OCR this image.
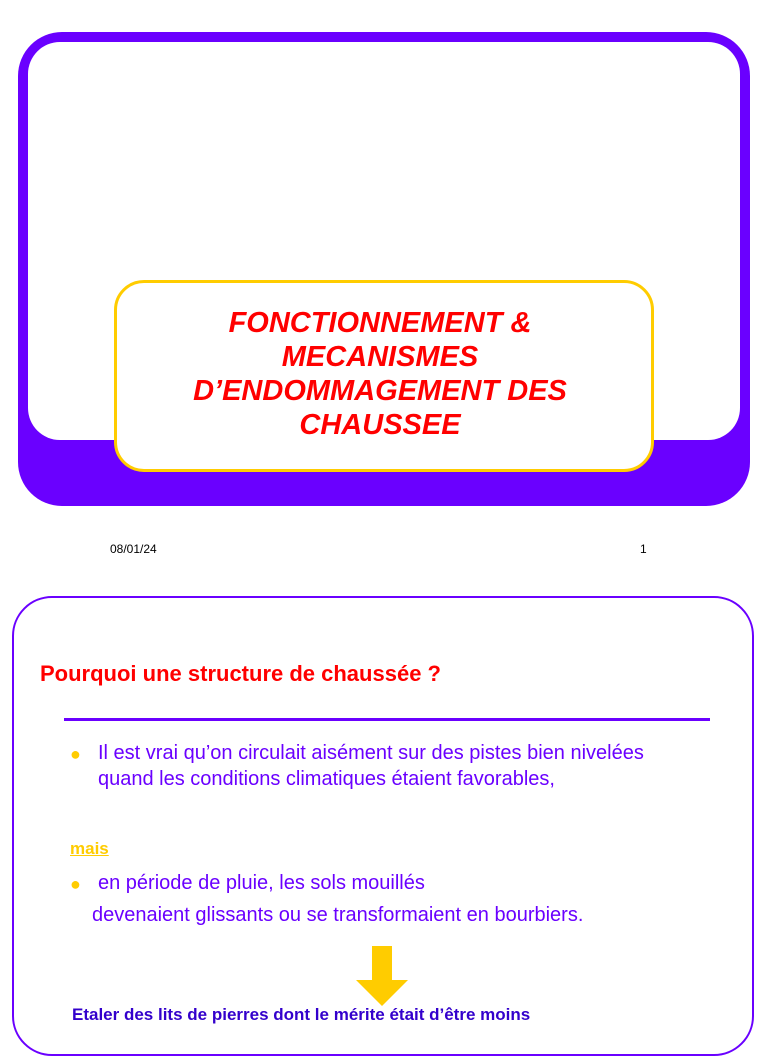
FONCTIONNEMENT &
MECANISMES
D’ENDOMMAGEMENT DES
CHAUSSEE
08/01/24	1
Pourquoi une structure de chaussée ?
● Il est vrai qu’on circulait aisément sur des pistes bien nivelées quand les conditions climatiques étaient favorables,

mais
● en période de pluie, les sols mouillés

devenaient glissants ou se transformaient en bourbiers.
Etaler des lits de pierres dont le mérite était d’être moins
